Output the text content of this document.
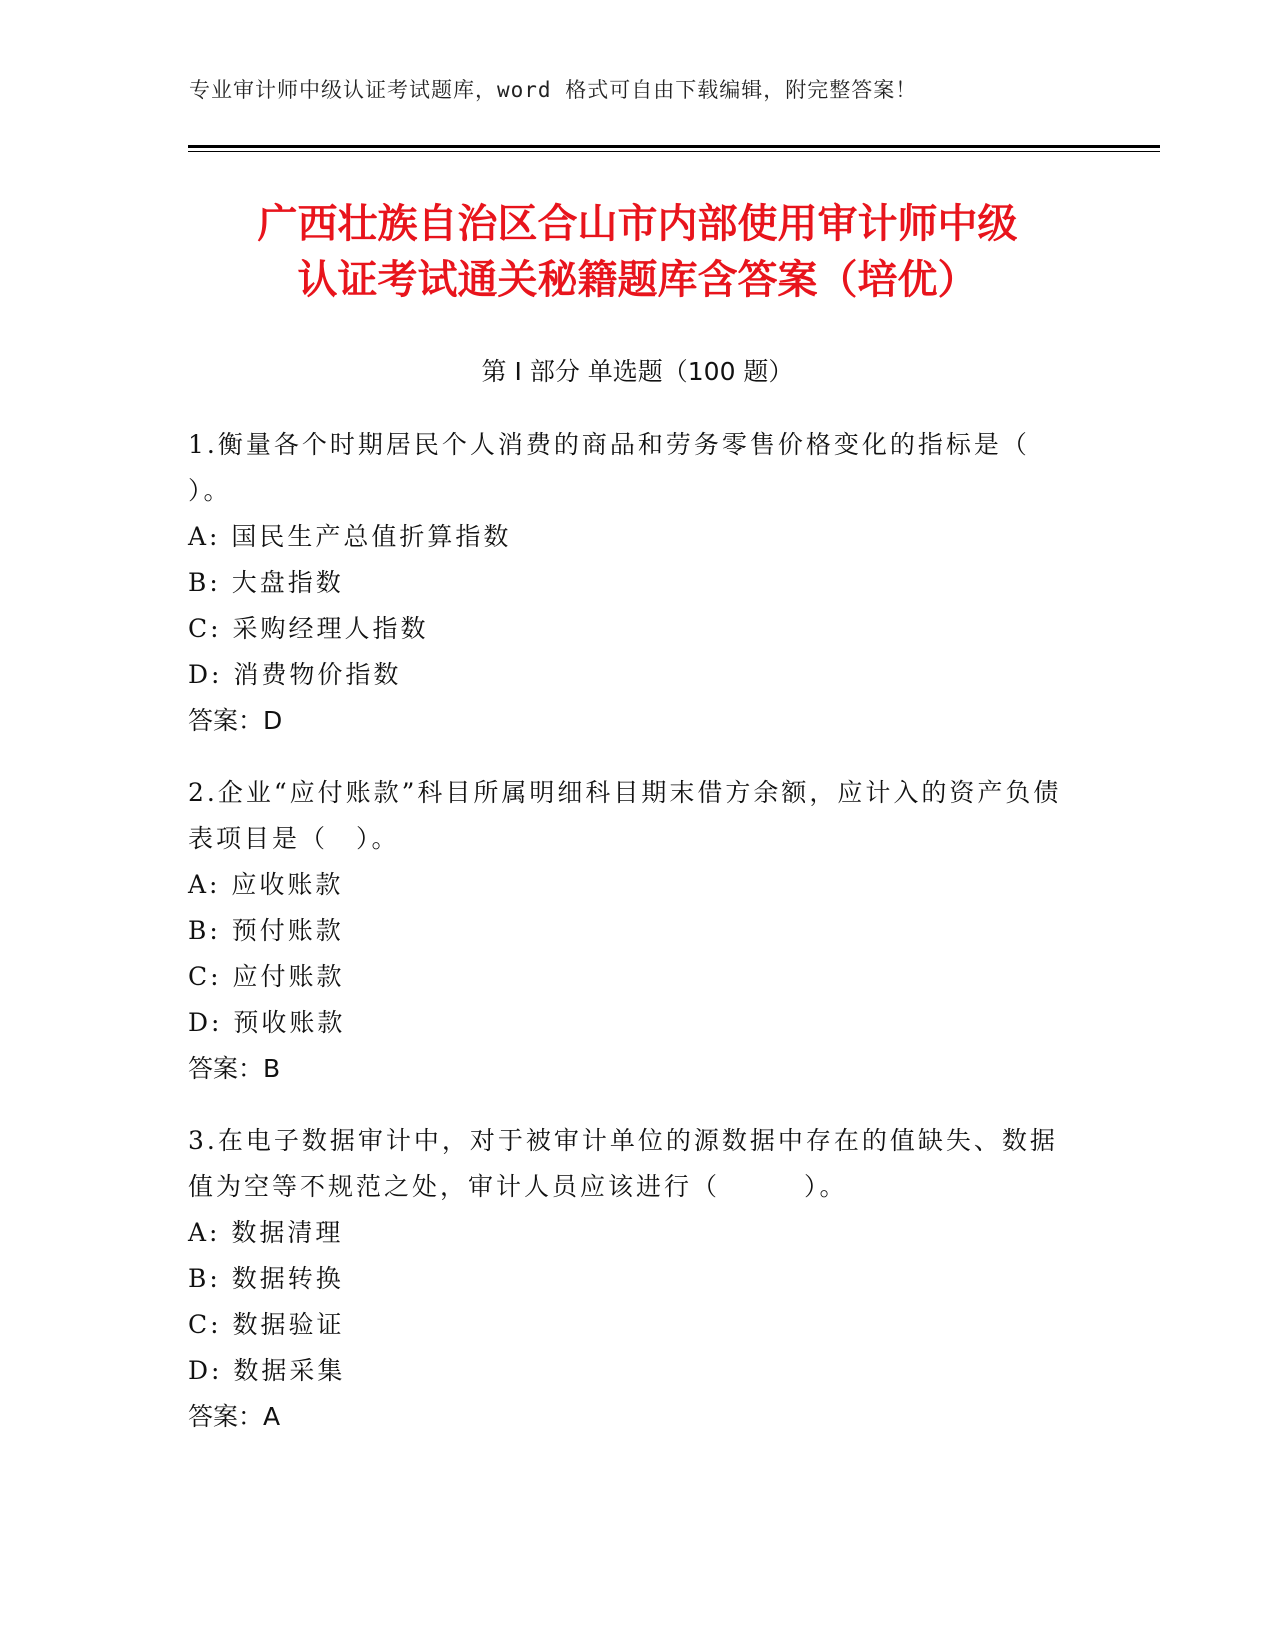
专业审计师中级认证考试题库，word 格式可自由下载编辑，附完整答案！
广西壮族自治区合山市内部使用审计师中级
认证考试通关秘籍题库含答案（培优）
第 I 部分 单选题（100 题）

1.衡量各个时期居民个人消费的商品和劳务零售价格变化的指标是（ ）。

A: 国民生产总值折算指数

B: 大盘指数

C: 采购经理人指数

D: 消费物价指数

答案：D

2.企业“应付账款”科目所属明细科目期末借方余额，应计入的资产负债表项目是（　）。

A: 应收账款

B: 预付账款

C: 应付账款

D: 预收账款

答案：B

3.在电子数据审计中，对于被审计单位的源数据中存在的值缺失、数据值为空等不规范之处，审计人员应该进行（　　　）。

A: 数据清理

B: 数据转换

C: 数据验证

D: 数据采集

答案：A
